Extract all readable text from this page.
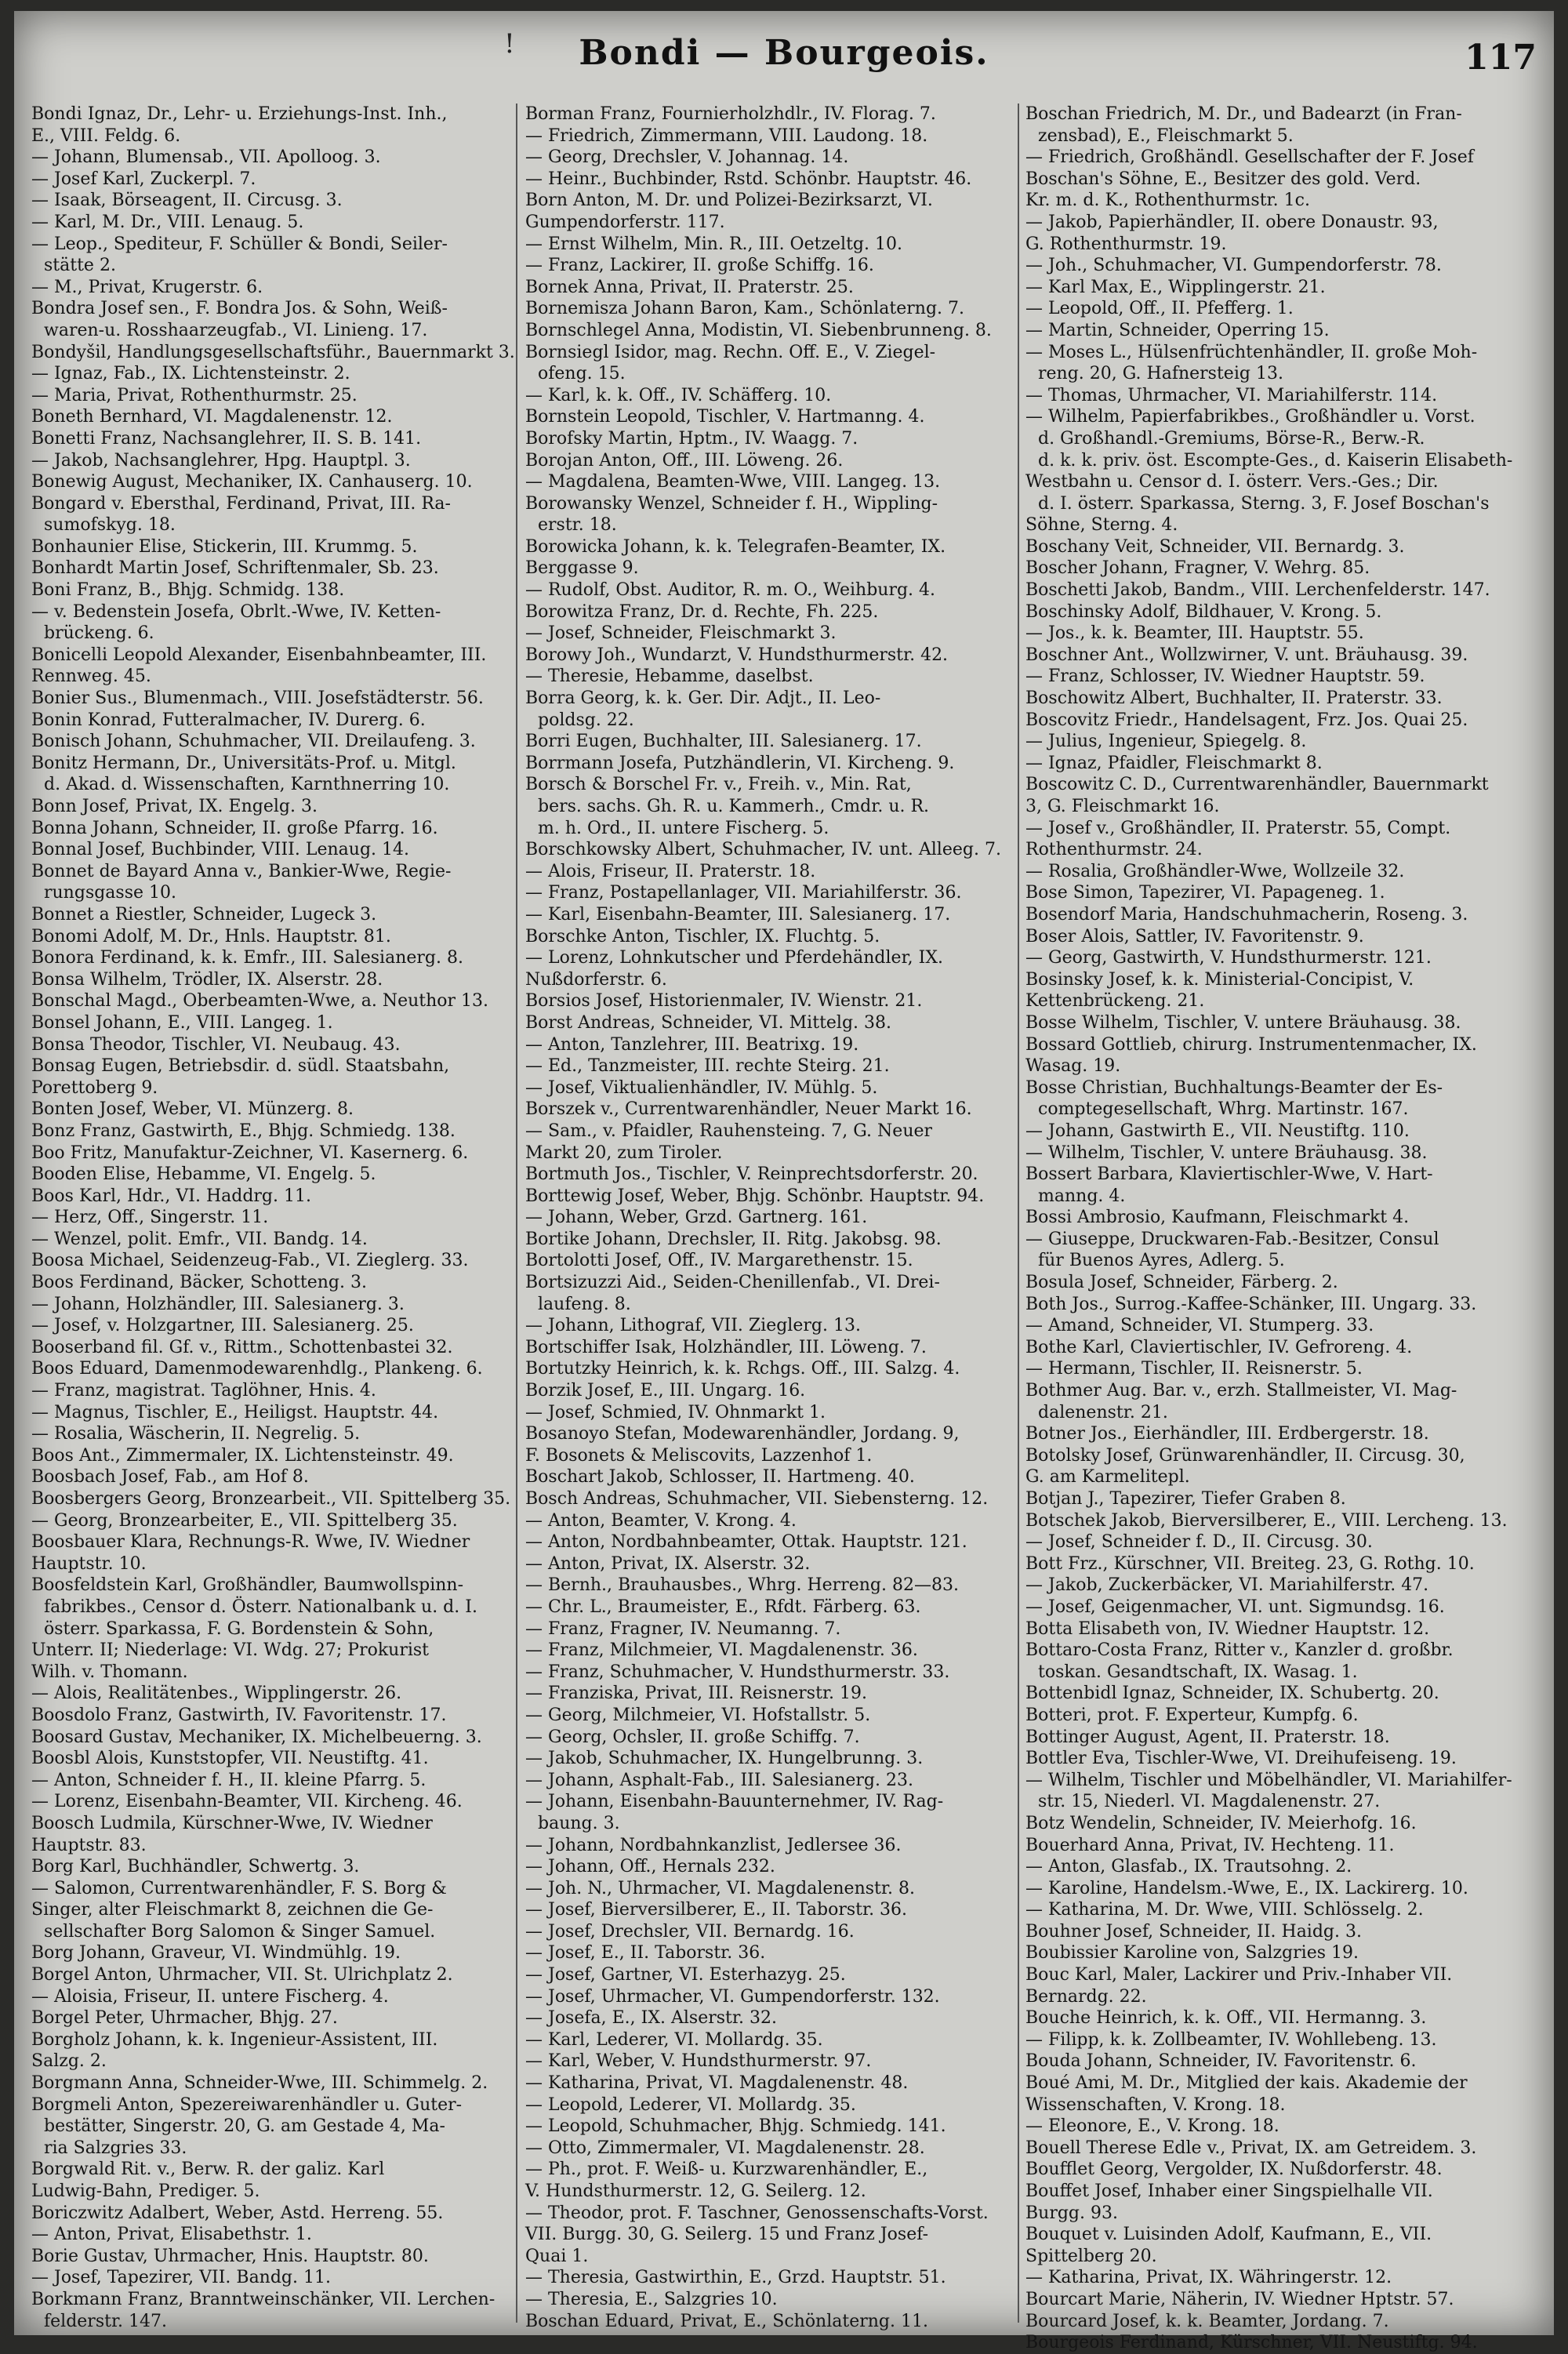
!	Bondi — Bourgeois.	117
Bondi Ignaz, Dr., Lehr- u. Erziehungs-Inst. Inh.,
E., VIII. Feldg. 6.
— Johann, Blumensab., VII. Apolloog. 3.
— Josef Karl, Zuckerpl. 7.
— Isaak, Börseagent, II. Circusg. 3.
— Karl, M. Dr., VIII. Lenaug. 5.
— Leop., Spediteur, F. Schüller & Bondi, Seiler-
stätte 2.
— M., Privat, Krugerstr. 6.
Bondra Josef sen., F. Bondra Jos. & Sohn, Weiß-
waren-u. Rosshaarzeugfab., VI. Linieng. 17.
Bondyšil, Handlungsgesellschaftsführ., Bauernmarkt 3.
— Ignaz, Fab., IX. Lichtensteinstr. 2.
— Maria, Privat, Rothenthurmstr. 25.
Boneth Bernhard, VI. Magdalenenstr. 12.
Bonetti Franz, Nachsanglehrer, II. S. B. 141.
— Jakob, Nachsanglehrer, Hpg. Hauptpl. 3.
Bonewig August, Mechaniker, IX. Canhauserg. 10.
Bongard v. Ebersthal, Ferdinand, Privat, III. Ra-
sumofskyg. 18.
Bonhaunier Elise, Stickerin, III. Krummg. 5.
Bonhardt Martin Josef, Schriftenmaler, Sb. 23.
Boni Franz, B., Bhjg. Schmidg. 138.
— v. Bedenstein Josefa, Obrlt.-Wwe, IV. Ketten-
brückeng. 6.
Bonicelli Leopold Alexander, Eisenbahnbeamter, III.
Rennweg. 45.
Bonier Sus., Blumenmach., VIII. Josefstädterstr. 56.
Bonin Konrad, Futteralmacher, IV. Durerg. 6.
Bonisch Johann, Schuhmacher, VII. Dreilaufeng. 3.
Bonitz Hermann, Dr., Universitäts-Prof. u. Mitgl.
d. Akad. d. Wissenschaften, Karnthnerring 10.
Bonn Josef, Privat, IX. Engelg. 3.
Bonna Johann, Schneider, II. große Pfarrg. 16.
Bonnal Josef, Buchbinder, VIII. Lenaug. 14.
Bonnet de Bayard Anna v., Bankier-Wwe, Regie-
rungsgasse 10.
Bonnet a Riestler, Schneider, Lugeck 3.
Bonomi Adolf, M. Dr., Hnls. Hauptstr. 81.
Bonora Ferdinand, k. k. Emfr., III. Salesianerg. 8.
Bonsa Wilhelm, Trödler, IX. Alserstr. 28.
Bonschal Magd., Oberbeamten-Wwe, a. Neuthor 13.
Bonsel Johann, E., VIII. Langeg. 1.
Bonsa Theodor, Tischler, VI. Neubaug. 43.
Bonsag Eugen, Betriebsdir. d. südl. Staatsbahn,
Porettoberg 9.
Bonten Josef, Weber, VI. Münzerg. 8.
Bonz Franz, Gastwirth, E., Bhjg. Schmiedg. 138.
Boo Fritz, Manufaktur-Zeichner, VI. Kasernerg. 6.
Booden Elise, Hebamme, VI. Engelg. 5.
Boos Karl, Hdr., VI. Haddrg. 11.
— Herz, Off., Singerstr. 11.
— Wenzel, polit. Emfr., VII. Bandg. 14.
Boosa Michael, Seidenzeug-Fab., VI. Zieglerg. 33.
Boos Ferdinand, Bäcker, Schotteng. 3.
— Johann, Holzhändler, III. Salesianerg. 3.
— Josef, v. Holzgartner, III. Salesianerg. 25.
Booserband fil. Gf. v., Rittm., Schottenbastei 32.
Boos Eduard, Damenmodewarenhdlg., Plankeng. 6.
— Franz, magistrat. Taglöhner, Hnis. 4.
— Magnus, Tischler, E., Heiligst. Hauptstr. 44.
— Rosalia, Wäscherin, II. Negrelig. 5.
Boos Ant., Zimmermaler, IX. Lichtensteinstr. 49.
Boosbach Josef, Fab., am Hof 8.
Boosbergers Georg, Bronzearbeit., VII. Spittelberg 35.
— Georg, Bronzearbeiter, E., VII. Spittelberg 35.
Boosbauer Klara, Rechnungs-R. Wwe, IV. Wiedner
Hauptstr. 10.
Boosfeldstein Karl, Großhändler, Baumwollspinn-
fabrikbes., Censor d. Österr. Nationalbank u. d. I.
österr. Sparkassa, F. G. Bordenstein & Sohn,
Unterr. II; Niederlage: VI. Wdg. 27; Prokurist
Wilh. v. Thomann.
— Alois, Realitätenbes., Wipplingerstr. 26.
Boosdolo Franz, Gastwirth, IV. Favoritenstr. 17.
Boosard Gustav, Mechaniker, IX. Michelbeuerng. 3.
Boosbl Alois, Kunststopfer, VII. Neustiftg. 41.
— Anton, Schneider f. H., II. kleine Pfarrg. 5.
— Lorenz, Eisenbahn-Beamter, VII. Kircheng. 46.
Boosch Ludmila, Kürschner-Wwe, IV. Wiedner
Hauptstr. 83.
Borg Karl, Buchhändler, Schwertg. 3.
— Salomon, Currentwarenhändler, F. S. Borg &
Singer, alter Fleischmarkt 8, zeichnen die Ge-
sellschafter Borg Salomon & Singer Samuel.
Borg Johann, Graveur, VI. Windmühlg. 19.
Borgel Anton, Uhrmacher, VII. St. Ulrichplatz 2.
— Aloisia, Friseur, II. untere Fischerg. 4.
Borgel Peter, Uhrmacher, Bhjg. 27.
Borgholz Johann, k. k. Ingenieur-Assistent, III.
Salzg. 2.
Borgmann Anna, Schneider-Wwe, III. Schimmelg. 2.
Borgmeli Anton, Spezereiwarenhändler u. Guter-
bestätter, Singerstr. 20, G. am Gestade 4, Ma-
ria Salzgries 33.
Borgwald Rit. v., Berw. R. der galiz. Karl
Ludwig-Bahn, Prediger. 5.
Boriczwitz Adalbert, Weber, Astd. Herreng. 55.
— Anton, Privat, Elisabethstr. 1.
Borie Gustav, Uhrmacher, Hnis. Hauptstr. 80.
— Josef, Tapezirer, VII. Bandg. 11.
Borkmann Franz, Branntweinschänker, VII. Lerchen-
felderstr. 147.
Borman Franz, Fournierholzhdlr., IV. Florag. 7.
— Friedrich, Zimmermann, VIII. Laudong. 18.
— Georg, Drechsler, V. Johannag. 14.
— Heinr., Buchbinder, Rstd. Schönbr. Hauptstr. 46.
Born Anton, M. Dr. und Polizei-Bezirksarzt, VI.
Gumpendorferstr. 117.
— Ernst Wilhelm, Min. R., III. Oetzeltg. 10.
— Franz, Lackirer, II. große Schiffg. 16.
Bornek Anna, Privat, II. Praterstr. 25.
Bornemisza Johann Baron, Kam., Schönlaterng. 7.
Bornschlegel Anna, Modistin, VI. Siebenbrunneng. 8.
Bornsiegl Isidor, mag. Rechn. Off. E., V. Ziegel-
ofeng. 15.
— Karl, k. k. Off., IV. Schäfferg. 10.
Bornstein Leopold, Tischler, V. Hartmanng. 4.
Borofsky Martin, Hptm., IV. Waagg. 7.
Borojan Anton, Off., III. Löweng. 26.
— Magdalena, Beamten-Wwe, VIII. Langeg. 13.
Borowansky Wenzel, Schneider f. H., Wippling-
erstr. 18.
Borowicka Johann, k. k. Telegrafen-Beamter, IX.
Berggasse 9.
— Rudolf, Obst. Auditor, R. m. O., Weihburg. 4.
Borowitza Franz, Dr. d. Rechte, Fh. 225.
— Josef, Schneider, Fleischmarkt 3.
Borowy Joh., Wundarzt, V. Hundsthurmerstr. 42.
— Theresie, Hebamme, daselbst.
Borra Georg, k. k. Ger. Dir. Adjt., II. Leo-
poldsg. 22.
Borri Eugen, Buchhalter, III. Salesianerg. 17.
Borrmann Josefa, Putzhändlerin, VI. Kircheng. 9.
Borsch & Borschel Fr. v., Freih. v., Min. Rat,
bers. sachs. Gh. R. u. Kammerh., Cmdr. u. R.
m. h. Ord., II. untere Fischerg. 5.
Borschkowsky Albert, Schuhmacher, IV. unt. Alleeg. 7.
— Alois, Friseur, II. Praterstr. 18.
— Franz, Postapellanlager, VII. Mariahilferstr. 36.
— Karl, Eisenbahn-Beamter, III. Salesianerg. 17.
Borschke Anton, Tischler, IX. Fluchtg. 5.
— Lorenz, Lohnkutscher und Pferdehändler, IX.
Nußdorferstr. 6.
Borsios Josef, Historienmaler, IV. Wienstr. 21.
Borst Andreas, Schneider, VI. Mittelg. 38.
— Anton, Tanzlehrer, III. Beatrixg. 19.
— Ed., Tanzmeister, III. rechte Steirg. 21.
— Josef, Viktualienhändler, IV. Mühlg. 5.
Borszek v., Currentwarenhändler, Neuer Markt 16.
— Sam., v. Pfaidler, Rauhensteing. 7, G. Neuer
Markt 20, zum Tiroler.
Bortmuth Jos., Tischler, V. Reinprechtsdorferstr. 20.
Borttewig Josef, Weber, Bhjg. Schönbr. Hauptstr. 94.
— Johann, Weber, Grzd. Gartnerg. 161.
Bortike Johann, Drechsler, II. Ritg. Jakobsg. 98.
Bortolotti Josef, Off., IV. Margarethenstr. 15.
Bortsizuzzi Aid., Seiden-Chenillenfab., VI. Drei-
laufeng. 8.
— Johann, Lithograf, VII. Zieglerg. 13.
Bortschiffer Isak, Holzhändler, III. Löweng. 7.
Bortutzky Heinrich, k. k. Rchgs. Off., III. Salzg. 4.
Borzik Josef, E., III. Ungarg. 16.
— Josef, Schmied, IV. Ohnmarkt 1.
Bosanoyo Stefan, Modewarenhändler, Jordang. 9,
F. Bosonets & Meliscovits, Lazzenhof 1.
Boschart Jakob, Schlosser, II. Hartmeng. 40.
Bosch Andreas, Schuhmacher, VII. Siebensterng. 12.
— Anton, Beamter, V. Krong. 4.
— Anton, Nordbahnbeamter, Ottak. Hauptstr. 121.
— Anton, Privat, IX. Alserstr. 32.
— Bernh., Brauhausbes., Whrg. Herreng. 82—83.
— Chr. L., Braumeister, E., Rfdt. Färberg. 63.
— Franz, Fragner, IV. Neumanng. 7.
— Franz, Milchmeier, VI. Magdalenenstr. 36.
— Franz, Schuhmacher, V. Hundsthurmerstr. 33.
— Franziska, Privat, III. Reisnerstr. 19.
— Georg, Milchmeier, VI. Hofstallstr. 5.
— Georg, Ochsler, II. große Schiffg. 7.
— Jakob, Schuhmacher, IX. Hungelbrunng. 3.
— Johann, Asphalt-Fab., III. Salesianerg. 23.
— Johann, Eisenbahn-Bauunternehmer, IV. Rag-
baung. 3.
— Johann, Nordbahnkanzlist, Jedlersee 36.
— Johann, Off., Hernals 232.
— Joh. N., Uhrmacher, VI. Magdalenenstr. 8.
— Josef, Bierversilberer, E., II. Taborstr. 36.
— Josef, Drechsler, VII. Bernardg. 16.
— Josef, E., II. Taborstr. 36.
— Josef, Gartner, VI. Esterhazyg. 25.
— Josef, Uhrmacher, VI. Gumpendorferstr. 132.
— Josefa, E., IX. Alserstr. 32.
— Karl, Lederer, VI. Mollardg. 35.
— Karl, Weber, V. Hundsthurmerstr. 97.
— Katharina, Privat, VI. Magdalenenstr. 48.
— Leopold, Lederer, VI. Mollardg. 35.
— Leopold, Schuhmacher, Bhjg. Schmiedg. 141.
— Otto, Zimmermaler, VI. Magdalenenstr. 28.
— Ph., prot. F. Weiß- u. Kurzwarenhändler, E.,
V. Hundsthurmerstr. 12, G. Seilerg. 12.
— Theodor, prot. F. Taschner, Genossenschafts-Vorst.
VII. Burgg. 30, G. Seilerg. 15 und Franz Josef-
Quai 1.
— Theresia, Gastwirthin, E., Grzd. Hauptstr. 51.
— Theresia, E., Salzgries 10.
Boschan Eduard, Privat, E., Schönlaterng. 11.
Boschan Friedrich, M. Dr., und Badearzt (in Fran-
zensbad), E., Fleischmarkt 5.
— Friedrich, Großhändl. Gesellschafter der F. Josef
Boschan's Söhne, E., Besitzer des gold. Verd.
Kr. m. d. K., Rothenthurmstr. 1c.
— Jakob, Papierhändler, II. obere Donaustr. 93,
G. Rothenthurmstr. 19.
— Joh., Schuhmacher, VI. Gumpendorferstr. 78.
— Karl Max, E., Wipplingerstr. 21.
— Leopold, Off., II. Pfefferg. 1.
— Martin, Schneider, Operring 15.
— Moses L., Hülsenfrüchtenhändler, II. große Moh-
reng. 20, G. Hafnersteig 13.
— Thomas, Uhrmacher, VI. Mariahilferstr. 114.
— Wilhelm, Papierfabrikbes., Großhändler u. Vorst.
d. Großhandl.-Gremiums, Börse-R., Berw.-R.
d. k. k. priv. öst. Escompte-Ges., d. Kaiserin Elisabeth-
Westbahn u. Censor d. I. österr. Vers.-Ges.; Dir.
d. I. österr. Sparkassa, Sterng. 3, F. Josef Boschan's
Söhne, Sterng. 4.
Boschany Veit, Schneider, VII. Bernardg. 3.
Boscher Johann, Fragner, V. Wehrg. 85.
Boschetti Jakob, Bandm., VIII. Lerchenfelderstr. 147.
Boschinsky Adolf, Bildhauer, V. Krong. 5.
— Jos., k. k. Beamter, III. Hauptstr. 55.
Boschner Ant., Wollzwirner, V. unt. Bräuhausg. 39.
— Franz, Schlosser, IV. Wiedner Hauptstr. 59.
Boschowitz Albert, Buchhalter, II. Praterstr. 33.
Boscovitz Friedr., Handelsagent, Frz. Jos. Quai 25.
— Julius, Ingenieur, Spiegelg. 8.
— Ignaz, Pfaidler, Fleischmarkt 8.
Boscowitz C. D., Currentwarenhändler, Bauernmarkt
3, G. Fleischmarkt 16.
— Josef v., Großhändler, II. Praterstr. 55, Compt.
Rothenthurmstr. 24.
— Rosalia, Großhändler-Wwe, Wollzeile 32.
Bose Simon, Tapezirer, VI. Papageneg. 1.
Bosendorf Maria, Handschuhmacherin, Roseng. 3.
Boser Alois, Sattler, IV. Favoritenstr. 9.
— Georg, Gastwirth, V. Hundsthurmerstr. 121.
Bosinsky Josef, k. k. Ministerial-Concipist, V.
Kettenbrückeng. 21.
Bosse Wilhelm, Tischler, V. untere Bräuhausg. 38.
Bossard Gottlieb, chirurg. Instrumentenmacher, IX.
Wasag. 19.
Bosse Christian, Buchhaltungs-Beamter der Es-
comptegesellschaft, Whrg. Martinstr. 167.
— Johann, Gastwirth E., VII. Neustiftg. 110.
— Wilhelm, Tischler, V. untere Bräuhausg. 38.
Bossert Barbara, Klaviertischler-Wwe, V. Hart-
manng. 4.
Bossi Ambrosio, Kaufmann, Fleischmarkt 4.
— Giuseppe, Druckwaren-Fab.-Besitzer, Consul
für Buenos Ayres, Adlerg. 5.
Bosula Josef, Schneider, Färberg. 2.
Both Jos., Surrog.-Kaffee-Schänker, III. Ungarg. 33.
— Amand, Schneider, VI. Stumperg. 33.
Bothe Karl, Claviertischler, IV. Gefroreng. 4.
— Hermann, Tischler, II. Reisnerstr. 5.
Bothmer Aug. Bar. v., erzh. Stallmeister, VI. Mag-
dalenenstr. 21.
Botner Jos., Eierhändler, III. Erdbergerstr. 18.
Botolsky Josef, Grünwarenhändler, II. Circusg. 30,
G. am Karmelitepl.
Botjan J., Tapezirer, Tiefer Graben 8.
Botschek Jakob, Bierversilberer, E., VIII. Lercheng. 13.
— Josef, Schneider f. D., II. Circusg. 30.
Bott Frz., Kürschner, VII. Breiteg. 23, G. Rothg. 10.
— Jakob, Zuckerbäcker, VI. Mariahilferstr. 47.
— Josef, Geigenmacher, VI. unt. Sigmundsg. 16.
Botta Elisabeth von, IV. Wiedner Hauptstr. 12.
Bottaro-Costa Franz, Ritter v., Kanzler d. großbr.
toskan. Gesandtschaft, IX. Wasag. 1.
Bottenbidl Ignaz, Schneider, IX. Schubertg. 20.
Botteri, prot. F. Experteur, Kumpfg. 6.
Bottinger August, Agent, II. Praterstr. 18.
Bottler Eva, Tischler-Wwe, VI. Dreihufeiseng. 19.
— Wilhelm, Tischler und Möbelhändler, VI. Mariahilfer-
str. 15, Niederl. VI. Magdalenenstr. 27.
Botz Wendelin, Schneider, IV. Meierhofg. 16.
Bouerhard Anna, Privat, IV. Hechteng. 11.
— Anton, Glasfab., IX. Trautsohng. 2.
— Karoline, Handelsm.-Wwe, E., IX. Lackirerg. 10.
— Katharina, M. Dr. Wwe, VIII. Schlösselg. 2.
Bouhner Josef, Schneider, II. Haidg. 3.
Boubissier Karoline von, Salzgries 19.
Bouc Karl, Maler, Lackirer und Priv.-Inhaber VII.
Bernardg. 22.
Bouche Heinrich, k. k. Off., VII. Hermanng. 3.
— Filipp, k. k. Zollbeamter, IV. Wohllebeng. 13.
Bouda Johann, Schneider, IV. Favoritenstr. 6.
Boué Ami, M. Dr., Mitglied der kais. Akademie der
Wissenschaften, V. Krong. 18.
— Eleonore, E., V. Krong. 18.
Bouell Therese Edle v., Privat, IX. am Getreidem. 3.
Boufflet Georg, Vergolder, IX. Nußdorferstr. 48.
Bouffet Josef, Inhaber einer Singspielhalle VII.
Burgg. 93.
Bouquet v. Luisinden Adolf, Kaufmann, E., VII.
Spittelberg 20.
— Katharina, Privat, IX. Währingerstr. 12.
Bourcart Marie, Näherin, IV. Wiedner Hptstr. 57.
Bourcard Josef, k. k. Beamter, Jordang. 7.
Bourgeois Ferdinand, Kürschner, VII. Neustiftg. 94.
